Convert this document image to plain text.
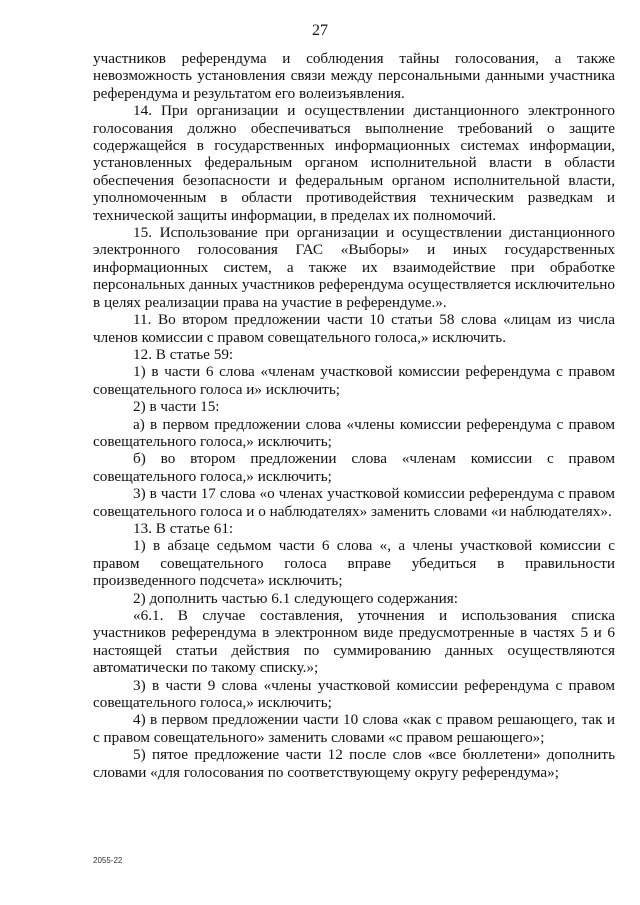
27

участников референдума и соблюдения тайны голосования, а также невозможность установления связи между персональными данными участника референдума и результатом его волеизъявления.

14. При организации и осуществлении дистанционного электронного голосования должно обеспечиваться выполнение требований о защите содержащейся в государственных информационных системах информации, установленных федеральным органом исполнительной власти в области обеспечения безопасности и федеральным органом исполнительной власти, уполномоченным в области противодействия техническим разведкам и технической защиты информации, в пределах их полномочий.

15. Использование при организации и осуществлении дистанционного электронного голосования ГАС «Выборы» и иных государственных информационных систем, а также их взаимодействие при обработке персональных данных участников референдума осуществляется исключительно в целях реализации права на участие в референдуме.».

11. Во втором предложении части 10 статьи 58 слова «лицам из числа членов комиссии с правом совещательного голоса,» исключить.

12. В статье 59:

1) в части 6 слова «членам участковой комиссии референдума с правом совещательного голоса и» исключить;

2) в части 15:

а) в первом предложении слова «члены комиссии референдума с правом совещательного голоса,» исключить;

б) во втором предложении слова «членам комиссии с правом совещательного голоса,» исключить;

3) в части 17 слова «о членах участковой комиссии референдума с правом совещательного голоса и о наблюдателях» заменить словами «и наблюдателях».

13. В статье 61:

1) в абзаце седьмом части 6 слова «, а члены участковой комиссии с правом совещательного голоса вправе убедиться в правильности произведенного подсчета» исключить;

2) дополнить частью 6.1 следующего содержания:

«6.1. В случае составления, уточнения и использования списка участников референдума в электронном виде предусмотренные в частях 5 и 6 настоящей статьи действия по суммированию данных осуществляются автоматически по такому списку.»;

3) в части 9 слова «члены участковой комиссии референдума с правом совещательного голоса,» исключить;

4) в первом предложении части 10 слова «как с правом решающего, так и с правом совещательного» заменить словами «с правом решающего»;

5) пятое предложение части 12 после слов «все бюллетени» дополнить словами «для голосования по соответствующему округу референдума»;

2055-22
